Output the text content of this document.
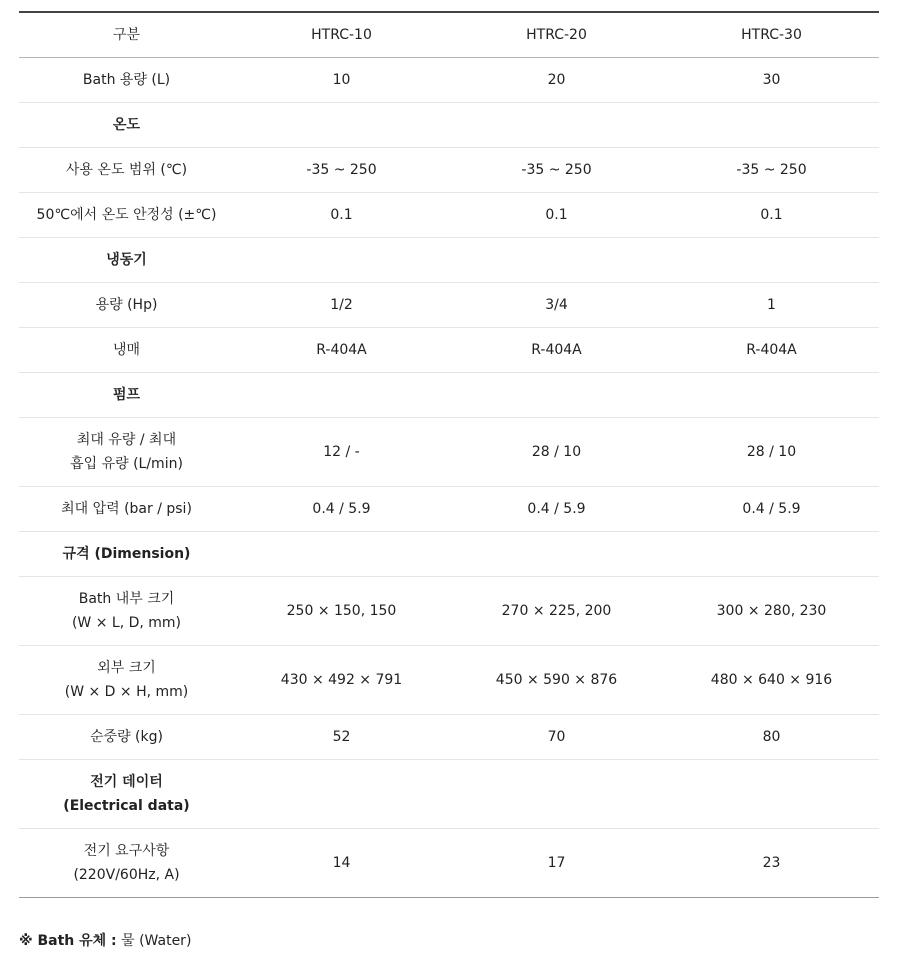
구분	HTRC-10	HTRC-20	HTRC-30

Bath 용량 (L)	10	20	30

온도			

사용 온도 범위 (℃)	-35 ~ 250	-35 ~ 250	-35 ~ 250

50℃에서 온도 안정성 (±℃)	0.1	0.1	0.1

냉동기			

용량 (Hp)	1/2	3/4	1

냉매	R-404A	R-404A	R-404A

펌프			

최대 유량 / 최대
흡입 유량 (L/min)	12 / -	28 / 10	28 / 10

최대 압력 (bar / psi)	0.4 / 5.9	0.4 / 5.9	0.4 / 5.9

규격 (Dimension)			

Bath 내부 크기
(W × L, D, mm)	250 × 150, 150	270 × 225, 200	300 × 280, 230

외부 크기
(W × D × H, mm)	430 × 492 × 791	450 × 590 × 876	480 × 640 × 916

순중량 (kg)	52	70	80

전기 데이터
(Electrical data)			

전기 요구사항
(220V/60Hz, A)	14	17	23
※ Bath 유체 : 물 (Water)
